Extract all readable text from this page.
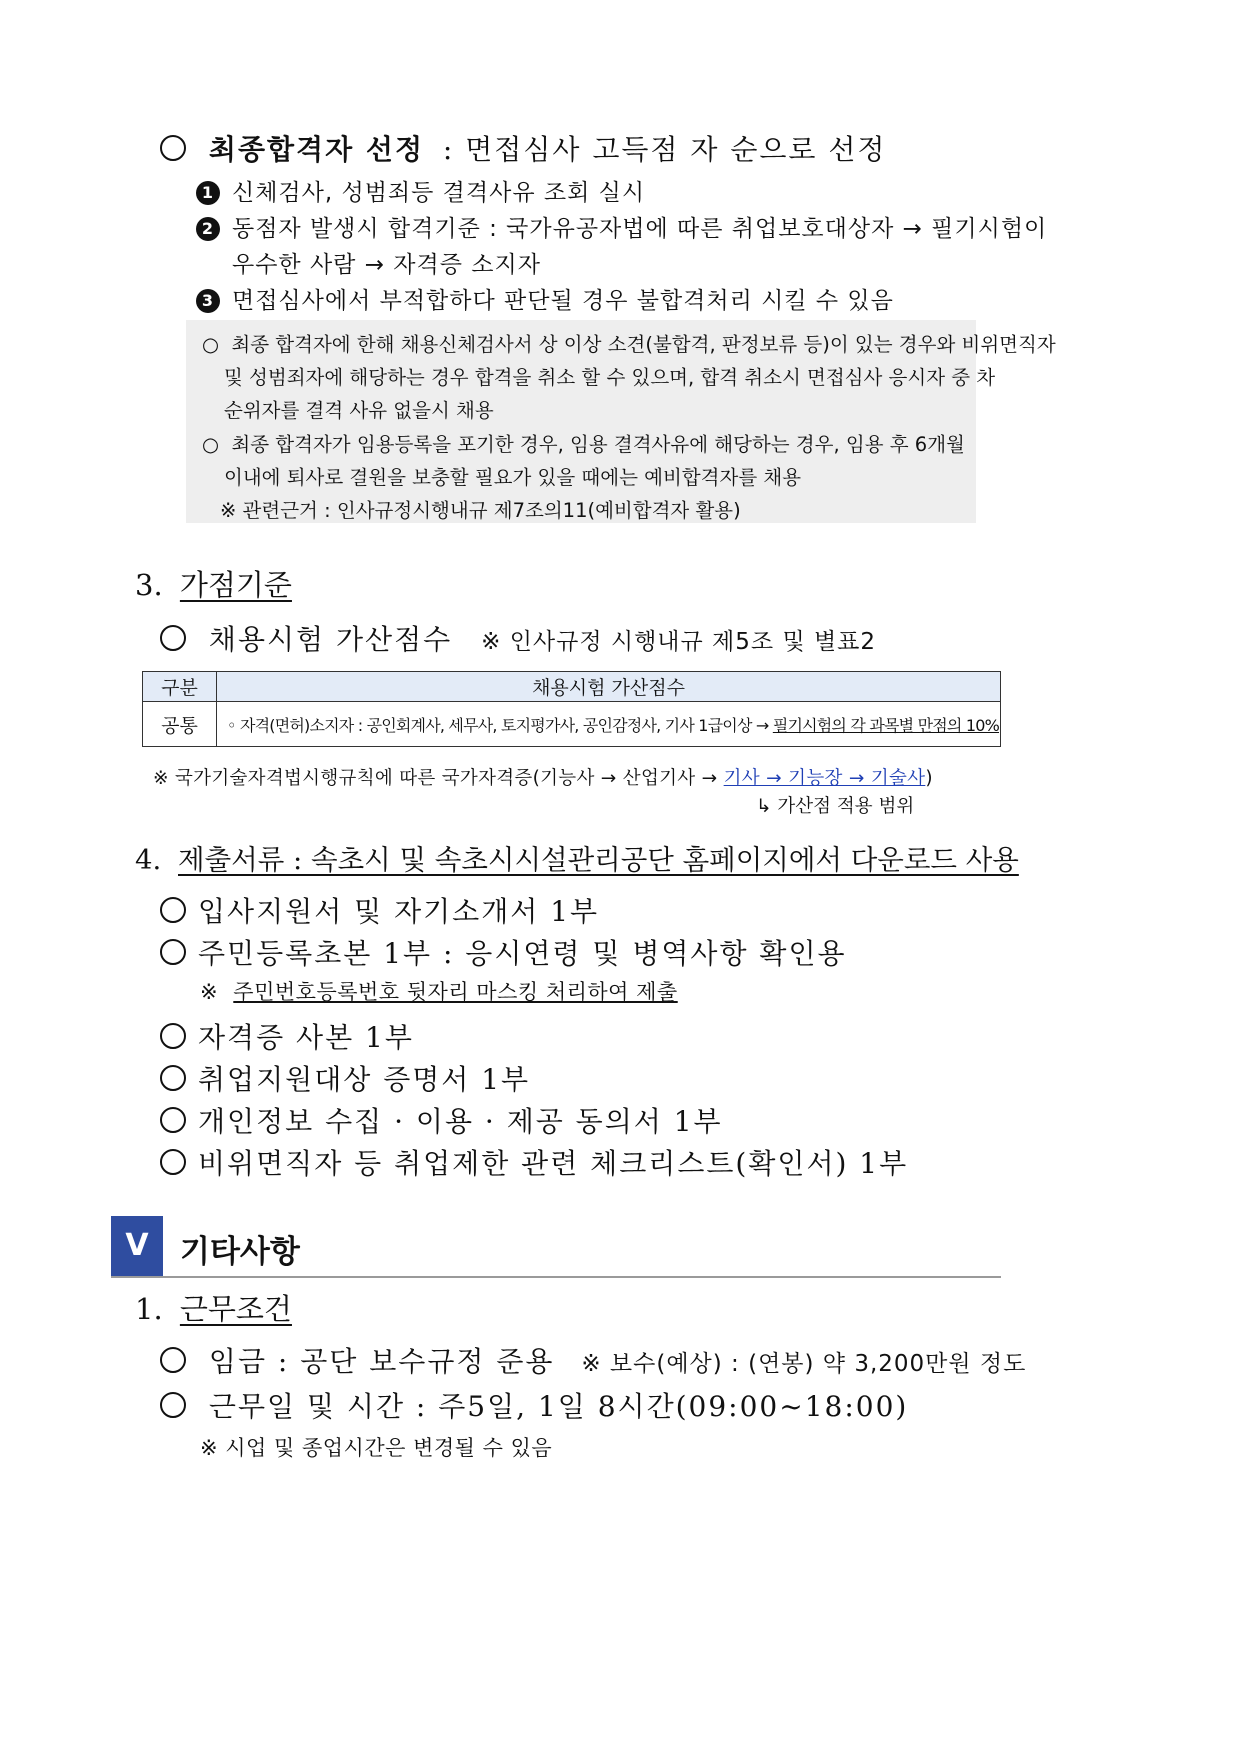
최종합격자 선정 : 면접심사 고득점 자 순으로 선정
1 신체검사, 성범죄등 결격사유 조회 실시
2 동점자 발생시 합격기준 : 국가유공자법에 따른 취업보호대상자 → 필기시험이
우수한 사람 → 자격증 소지자
3 면접심사에서 부적합하다 판단될 경우 불합격처리 시킬 수 있음

○ 최종 합격자에 한해 채용신체검사서 상 이상 소견(불합격, 판정보류 등)이 있는 경우와 비위면직자

및 성범죄자에 해당하는 경우 합격을 취소 할 수 있으며, 합격 취소시 면접심사 응시자 중 차

순위자를 결격 사유 없을시 채용

○ 최종 합격자가 임용등록을 포기한 경우, 임용 결격사유에 해당하는 경우, 임용 후 6개월

이내에 퇴사로 결원을 보충할 필요가 있을 때에는 예비합격자를 채용

※ 관련근거 : 인사규정시행내규 제7조의11(예비합격자 활용)

3. 가점기준
채용시험 가산점수 ※ 인사규정 시행내규 제5조 및 별표2
구분	채용시험 가산점수
공통	◦ 자격(면허)소지자 : 공인회계사, 세무사, 토지평가사, 공인감정사, 기사 1급이상 → 필기시험의 각 과목별 만점의 10%
※ 국가기술자격법시행규칙에 따른 국가자격증(기능사 → 산업기사 → 기사 → 기능장 → 기술사)
↳ 가산점 적용 범위
4. 제출서류 : 속초시 및 속초시시설관리공단 홈페이지에서 다운로드 사용
입사지원서 및 자기소개서 1부
주민등록초본 1부 : 응시연령 및 병역사항 확인용
※ 주민번호등록번호 뒷자리 마스킹 처리하여 제출
자격증 사본 1부
취업지원대상 증명서 1부
개인정보 수집 · 이용 · 제공 동의서 1부
비위면직자 등 취업제한 관련 체크리스트(확인서) 1부
V	기타사항
1. 근무조건
임금 : 공단 보수규정 준용 ※ 보수(예상) : (연봉) 약 3,200만원 정도
근무일 및 시간 : 주5일, 1일 8시간(09:00~18:00)
※ 시업 및 종업시간은 변경될 수 있음
